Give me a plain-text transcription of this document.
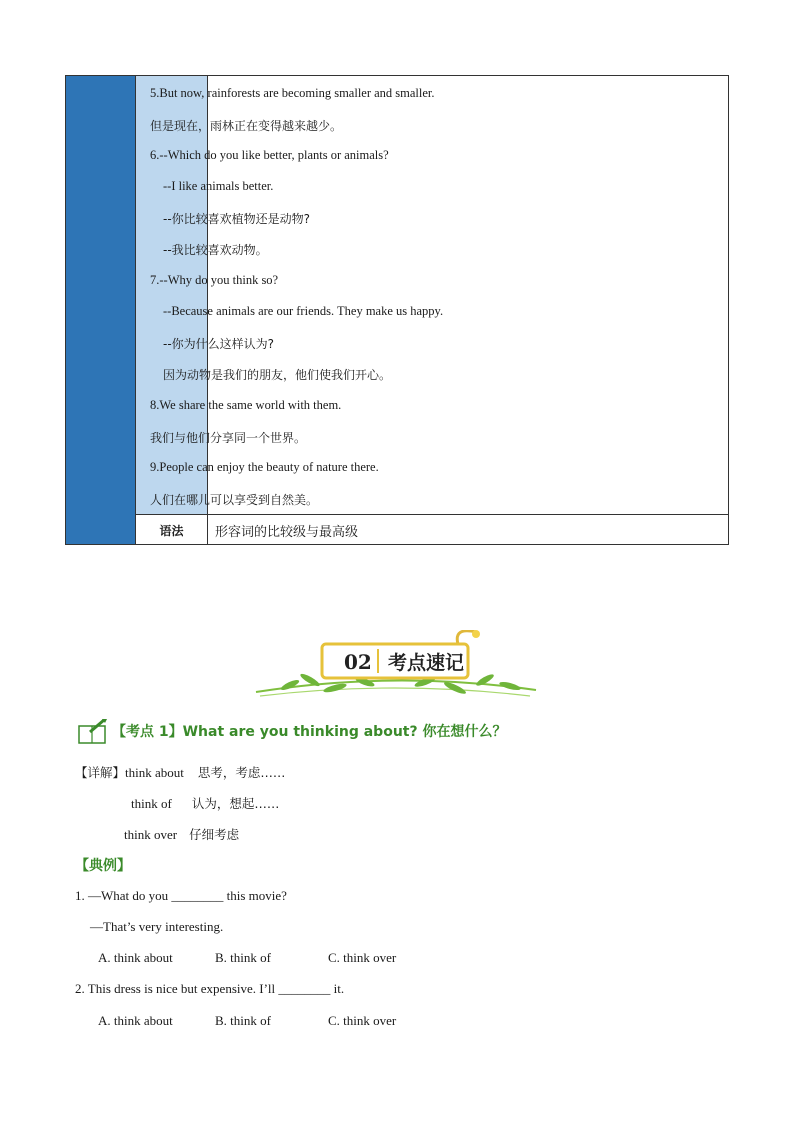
语法	形容词的比较级与最高级
5.But now, rainforests are becoming smaller and smaller.
但是现在，雨林正在变得越来越少。
6.--Which do you like better, plants or animals?
--I like animals better.
--你比较喜欢植物还是动物?
--我比较喜欢动物。
7.--Why do you think so?
--Because animals are our friends. They make us happy.
--你为什么这样认为?
因为动物是我们的朋友，他们使我们开心。
8.We share the same world with them.
我们与他们分享同一个世界。
9.People can enjoy the beauty of nature there.
人们在哪儿可以享受到自然美。
02 考点速记
【考点 1】What are you thinking about? 你在想什么？
【详解】think about 思考，考虑……
think of 认为，想起……
think over 仔细考虑
【典例】
1. —What do you ________ this movie?
—That’s very interesting.
A. think about	B. think of	C. think over
2. This dress is nice but expensive. I’ll ________ it.
A. think about	B. think of	C. think over
